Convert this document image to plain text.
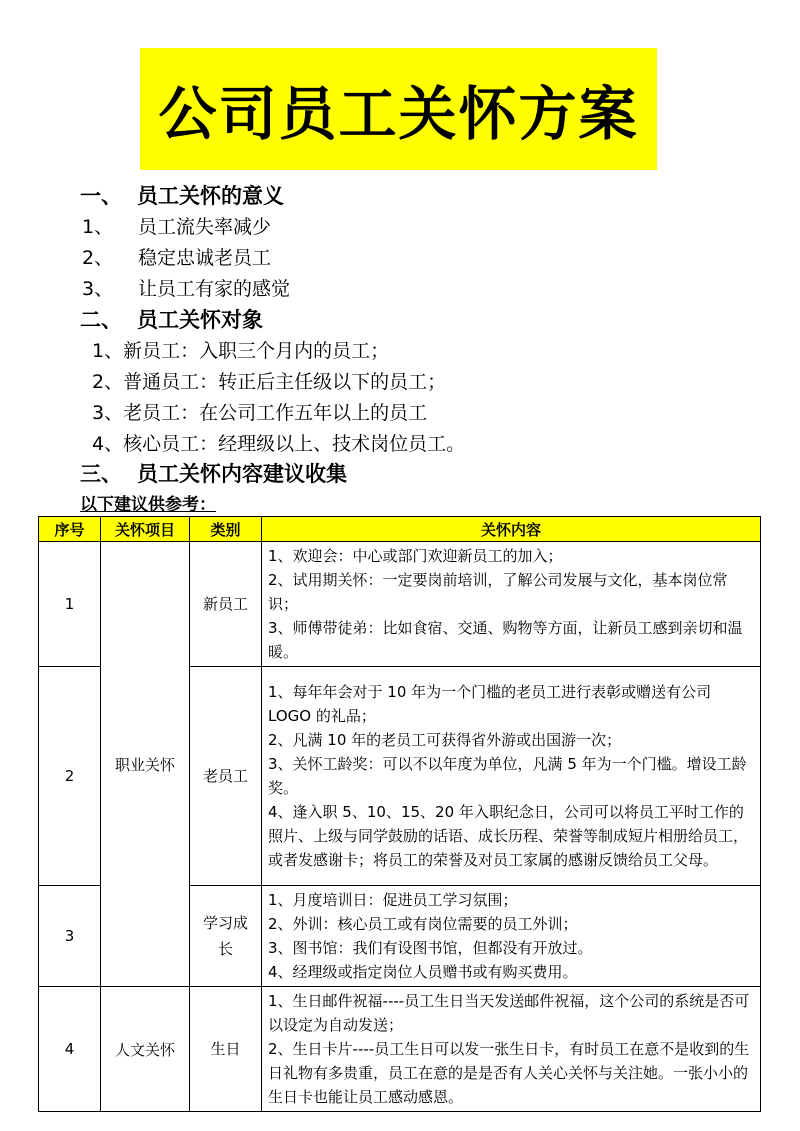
公司员工关怀方案
一、 员工关怀的意义
1、 员工流失率减少
2、 稳定忠诚老员工
3、 让员工有家的感觉
二、 员工关怀对象
1、新员工：入职三个月内的员工；
2、普通员工：转正后主任级以下的员工；
3、老员工：在公司工作五年以上的员工
4、核心员工：经理级以上、技术岗位员工。
三、 员工关怀内容建议收集
以下建议供参考：
序号	关怀项目	类别	关怀内容
1	职业关怀	新员工	1、欢迎会：中心或部门欢迎新员工的加入；
2、试用期关怀：一定要岗前培训，了解公司发展与文化，基本岗位常识；
3、师傅带徒弟：比如食宿、交通、购物等方面，让新员工感到亲切和温暖。

2		老员工	1、每年年会对于 10 年为一个门槛的老员工进行表彰或赠送有公司 LOGO 的礼品；
2、凡满 10 年的老员工可获得省外游或出国游一次；
3、关怀工龄奖：可以不以年度为单位，凡满 5 年为一个门槛。增设工龄奖。
4、逢入职 5、10、15、20 年入职纪念日，公司可以将员工平时工作的照片、上级与同学鼓励的话语、成长历程、荣誉等制成短片相册给员工，或者发感谢卡；将员工的荣誉及对员工家属的感谢反馈给员工父母。

3		学习成长	1、月度培训日：促进员工学习氛围；
2、外训：核心员工或有岗位需要的员工外训；
3、图书馆：我们有设图书馆，但都没有开放过。
4、经理级或指定岗位人员赠书或有购买费用。

4	人文关怀	生日	1、生日邮件祝福----员工生日当天发送邮件祝福，这个公司的系统是否可以设定为自动发送；
2、生日卡片----员工生日可以发一张生日卡，有时员工在意不是收到的生日礼物有多贵重，员工在意的是是否有人关心关怀与关注她。一张小小的生日卡也能让员工感动感恩。
